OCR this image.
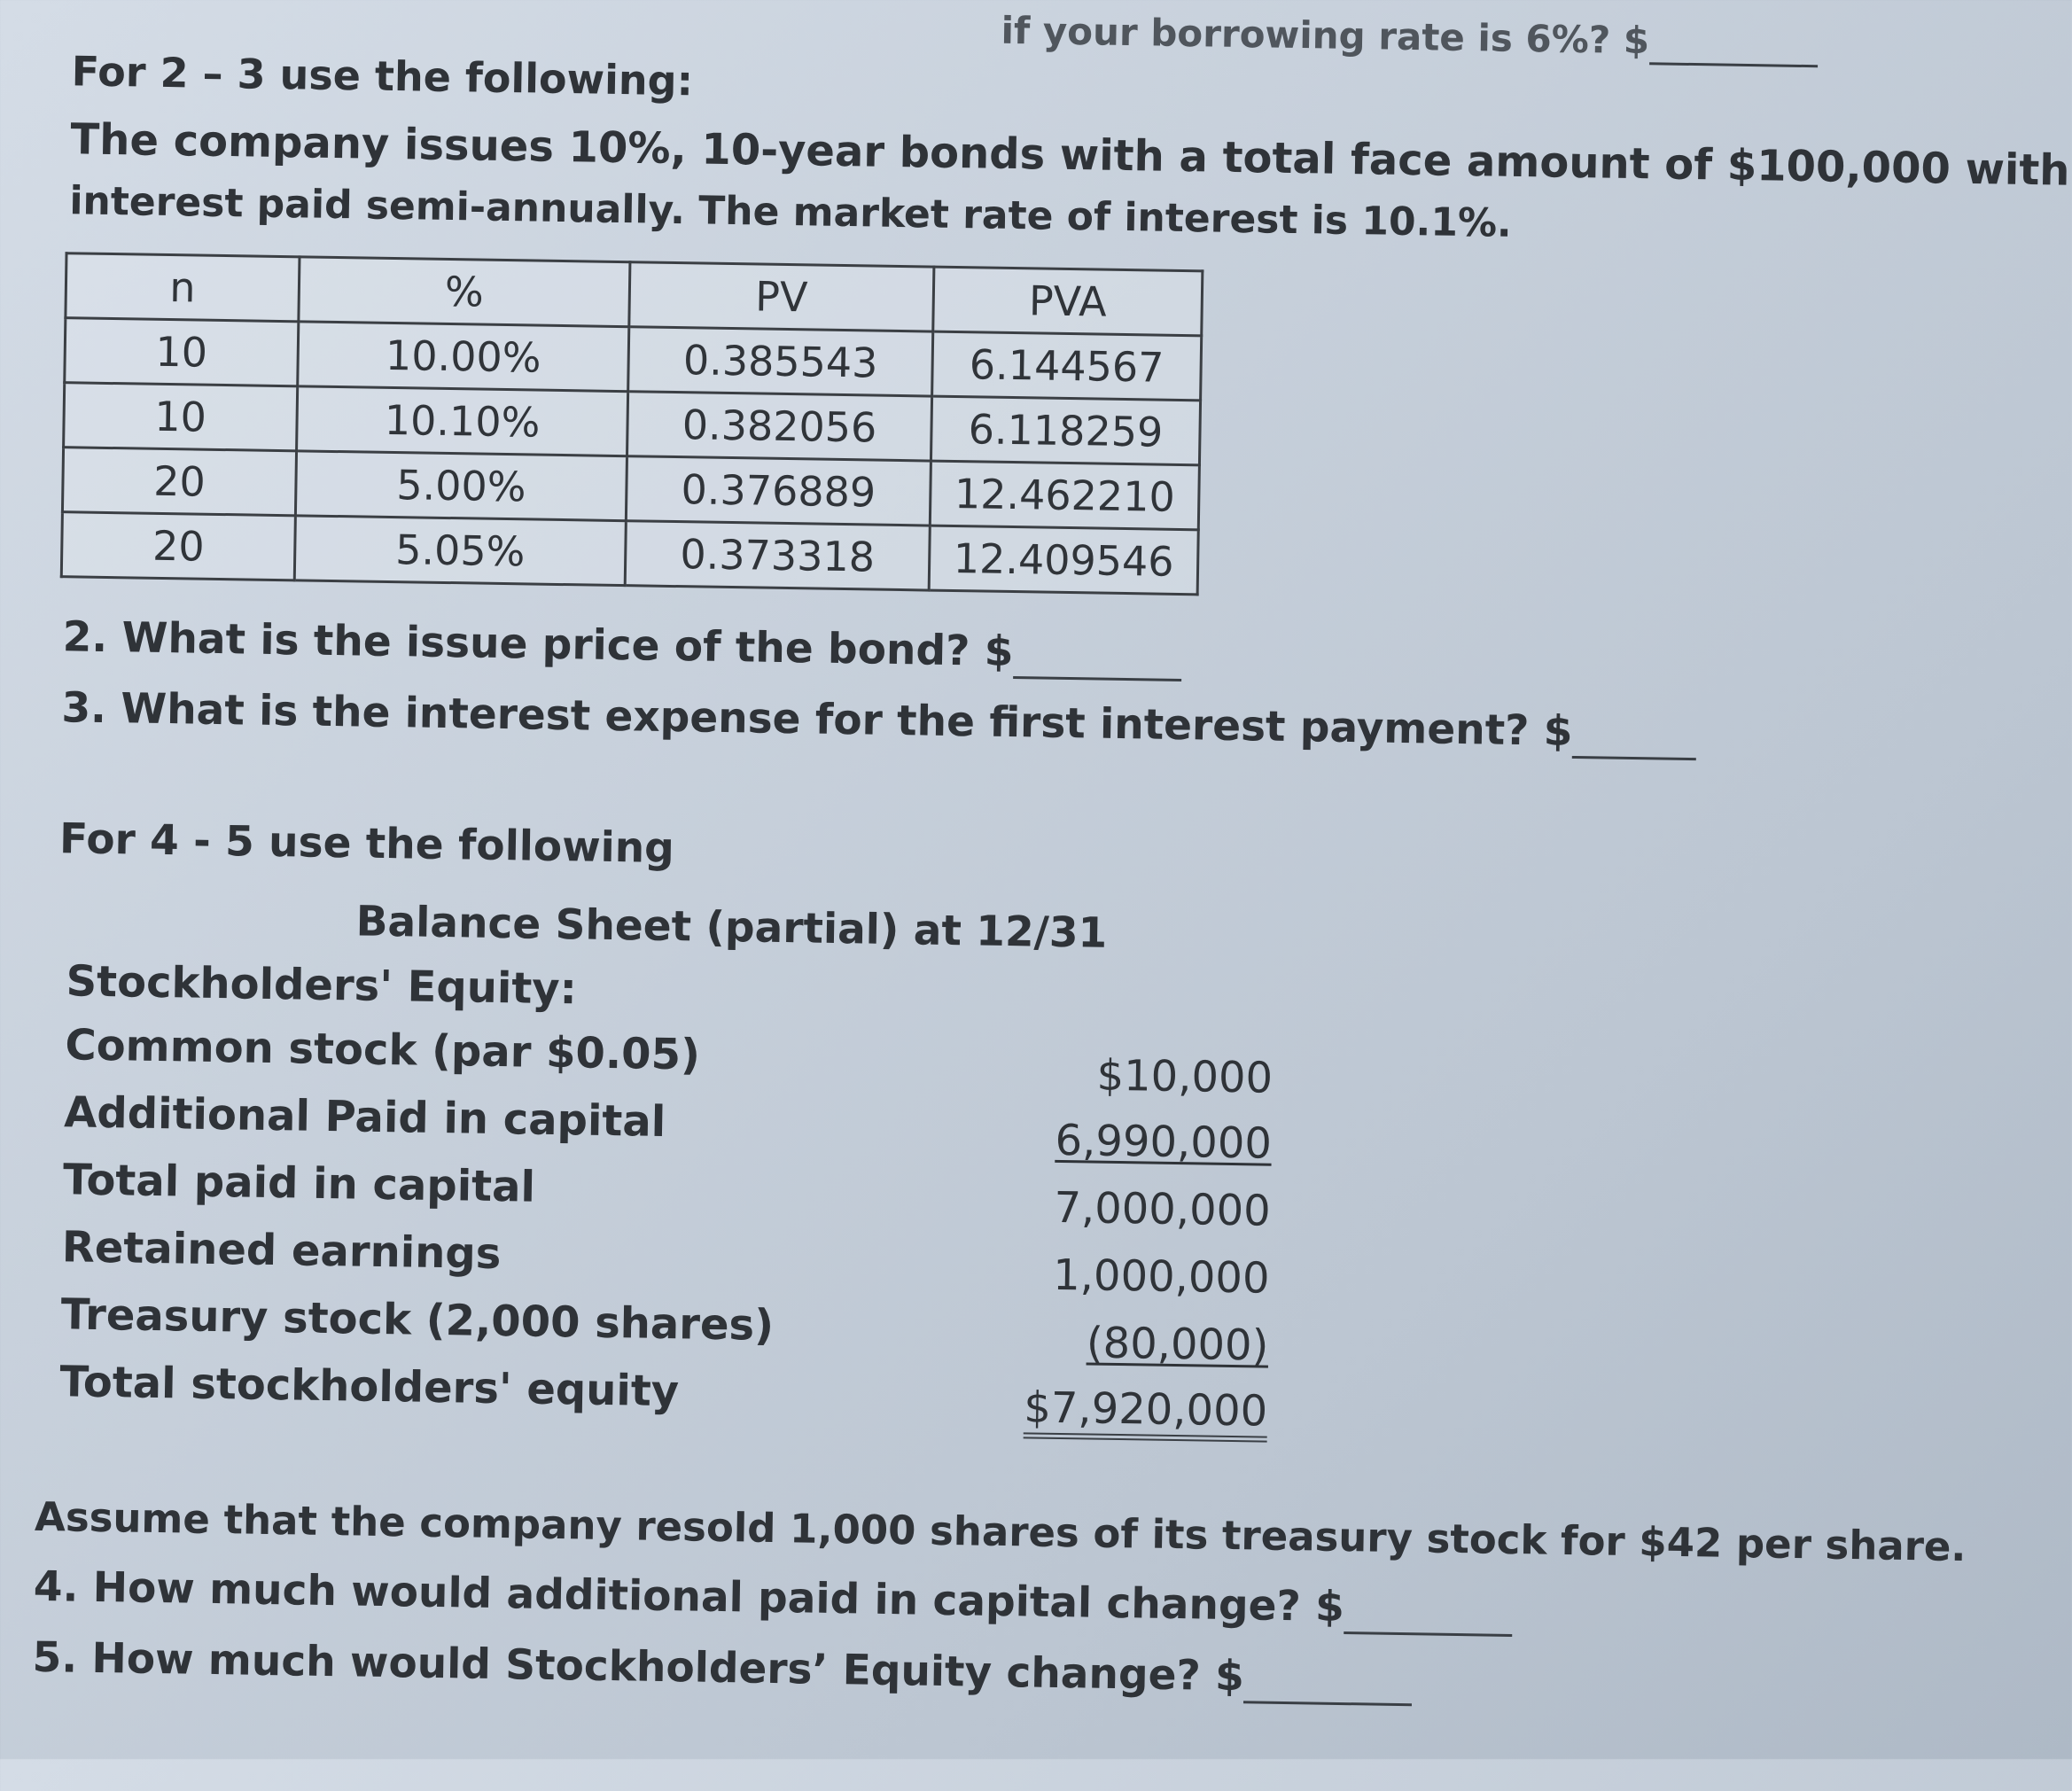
if your borrowing rate is 6%? $
For 2 – 3 use the following:
The company issues 10%, 10-year bonds with a total face amount of $100,000 with
interest paid semi-annually. The market rate of interest is 10.1%.
n	%	PV	PVA
10	10.00%	0.385543	6.144567
10	10.10%	0.382056	6.118259
20	5.00%	0.376889	12.462210
20	5.05%	0.373318	12.409546
2. What is the issue price of the bond? $
3. What is the interest expense for the first interest payment? $
For 4 - 5 use the following
Balance Sheet (partial) at 12/31
Stockholders' Equity:
Common stock (par $0.05)	$10,000
Additional Paid in capital	6,990,000
Total paid in capital	7,000,000
Retained earnings	1,000,000
Treasury stock (2,000 shares)	(80,000)
Total stockholders' equity	$7,920,000
Assume that the company resold 1,000 shares of its treasury stock for $42 per share.
4. How much would additional paid in capital change? $
5. How much would Stockholders’ Equity change? $
